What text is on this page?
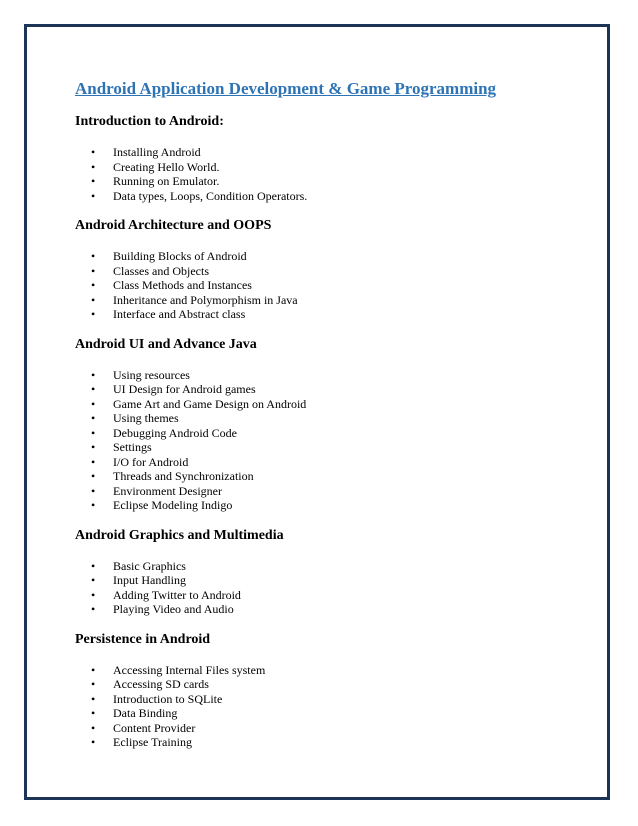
Android Application Development & Game Programming
Introduction to Android:
• Installing Android
• Creating Hello World.
• Running on Emulator.
• Data types, Loops, Condition Operators.
Android Architecture and OOPS
• Building Blocks of Android
• Classes and Objects
• Class Methods and Instances
• Inheritance and Polymorphism in Java
• Interface and Abstract class
Android UI and Advance Java
• Using resources
• UI Design for Android games
• Game Art and Game Design on Android
• Using themes
• Debugging Android Code
• Settings
• I/O for Android
• Threads and Synchronization
• Environment Designer
• Eclipse Modeling Indigo
Android Graphics and Multimedia
• Basic Graphics
• Input Handling
• Adding Twitter to Android
• Playing Video and Audio
Persistence in Android
• Accessing Internal Files system
• Accessing SD cards
• Introduction to SQLite
• Data Binding
• Content Provider
• Eclipse Training
